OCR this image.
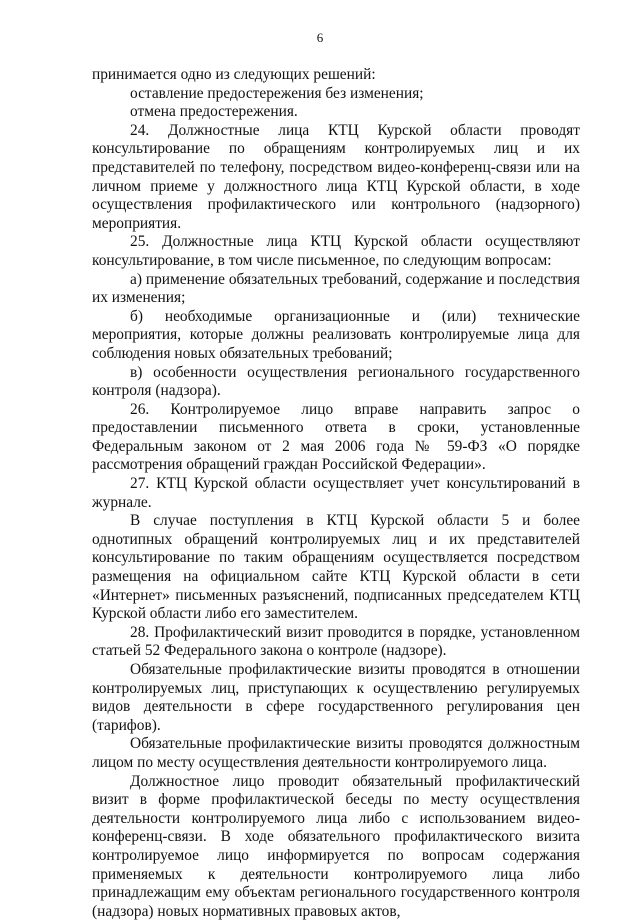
6

принимается одно из следующих решений:

оставление предостережения без изменения;

отмена предостережения.

24. Должностные лица КТЦ Курской области проводят консультирование по обращениям контролируемых лиц и их представителей по телефону, посредством видео-конференц-связи или на личном приеме у должностного лица КТЦ Курской области, в ходе осуществления профилактического или контрольного (надзорного) мероприятия.

25. Должностные лица КТЦ Курской области осуществляют консультирование, в том числе письменное, по следующим вопросам:

а) применение обязательных требований, содержание и последствия их изменения;

б) необходимые организационные и (или) технические мероприятия, которые должны реализовать контролируемые лица для соблюдения новых обязательных требований;

в) особенности осуществления регионального государственного контроля (надзора).

26. Контролируемое лицо вправе направить запрос о предоставлении письменного ответа в сроки, установленные Федеральным законом от 2 мая 2006 года № 59-ФЗ «О порядке рассмотрения обращений граждан Российской Федерации».

27. КТЦ Курской области осуществляет учет консультирований в журнале.

В случае поступления в КТЦ Курской области 5 и более однотипных обращений контролируемых лиц и их представителей консультирование по таким обращениям осуществляется посредством размещения на официальном сайте КТЦ Курской области в сети «Интернет» письменных разъяснений, подписанных председателем КТЦ Курской области либо его заместителем.

28. Профилактический визит проводится в порядке, установленном статьей 52 Федерального закона о контроле (надзоре).

Обязательные профилактические визиты проводятся в отношении контролируемых лиц, приступающих к осуществлению регулируемых видов деятельности в сфере государственного регулирования цен (тарифов).

Обязательные профилактические визиты проводятся должностным лицом по месту осуществления деятельности контролируемого лица.

Должностное лицо проводит обязательный профилактический визит в форме профилактической беседы по месту осуществления деятельности контролируемого лица либо с использованием видео-конференц-связи. В ходе обязательного профилактического визита контролируемое лицо информируется по вопросам содержания применяемых к деятельности контролируемого лица либо принадлежащим ему объектам регионального государственного контроля (надзора) новых нормативных правовых актов,
